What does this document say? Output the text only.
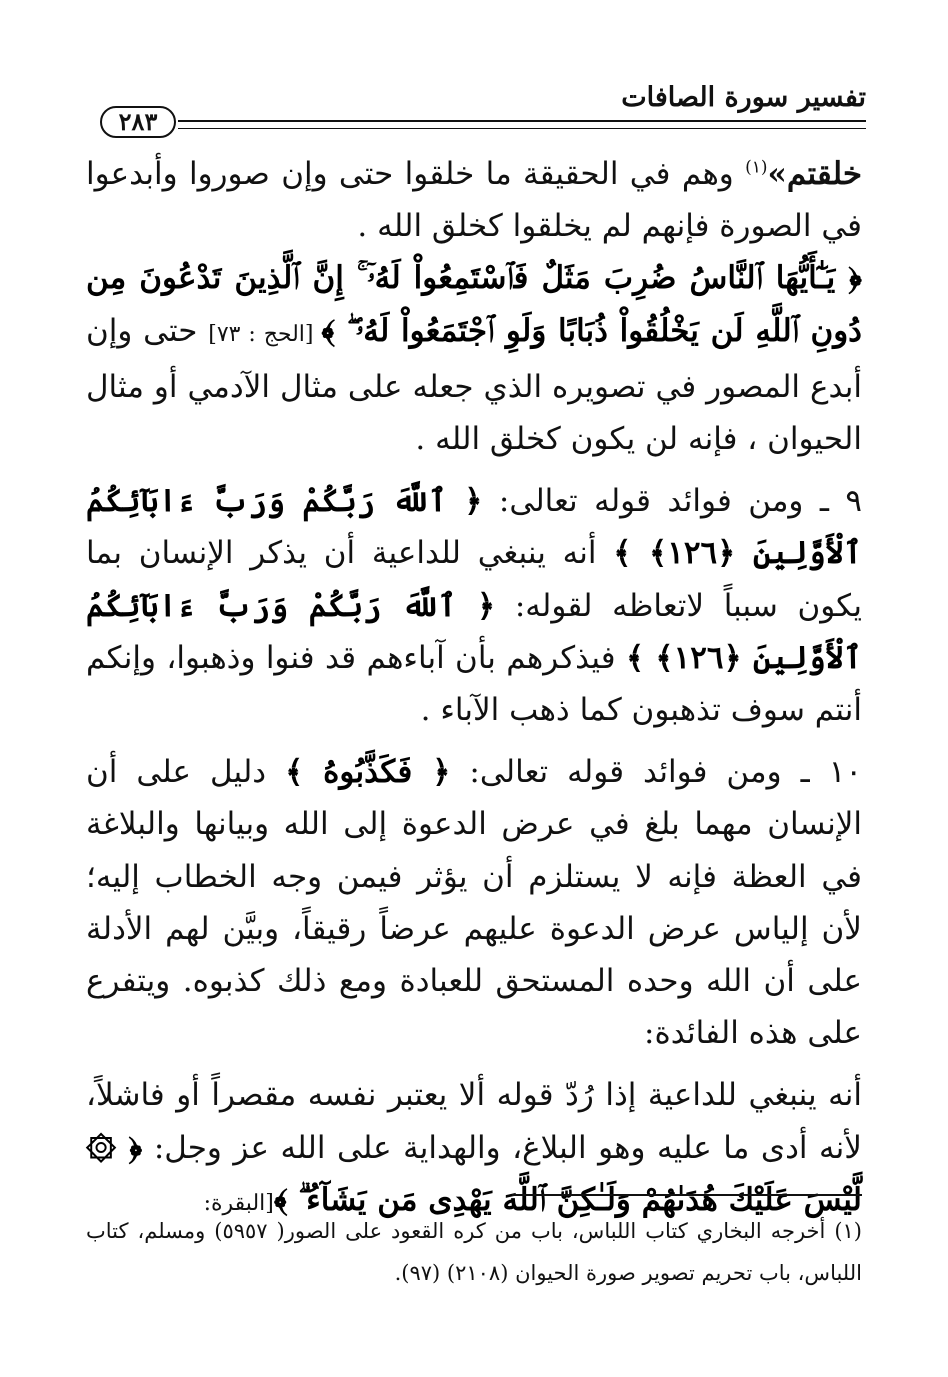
تفسير سورة الصافات
٢٨٣

خلقتم»$^{(١)}$ وهم في الحقيقة ما خلقوا حتى وإن صوروا وأبدعوا في الصورة فإنهم لم يخلقوا كخلق الله .

﴿ يَـٰٓأَيُّهَا ٱلنَّاسُ ضُرِبَ مَثَلٌ فَٱسْتَمِعُواْ لَهُۥٓ ۚ إِنَّ ٱلَّذِينَ تَدْعُونَ مِن دُونِ ٱللَّهِ لَن يَخْلُقُواْ ذُبَابًا وَلَوِ ٱجْتَمَعُواْ لَهُۥ ۖ ﴾ [الحج : ٧٣] حتى وإن أبدع المصور في تصويره الذي جعله على مثال الآدمي أو مثال الحيوان ، فإنه لن يكون كخلق الله .

٩ ـ ومن فوائد قوله تعالى: ﴿ ٱللَّهَ رَبَّكُمْ وَرَبَّ ءَابَآئِكُمُ ٱلْأَوَّلِينَ ﴿١٢٦﴾ ﴾ أنه ينبغي للداعية أن يذكر الإنسان بما يكون سبباً لاتعاظه لقوله: ﴿ ٱللَّهَ رَبَّكُمْ وَرَبَّ ءَابَآئِكُمُ ٱلْأَوَّلِينَ ﴿١٢٦﴾ ﴾ فيذكرهم بأن آباءهم قد فنوا وذهبوا، وإنكم أنتم سوف تذهبون كما ذهب الآباء .

١٠ ـ ومن فوائد قوله تعالى: ﴿ فَكَذَّبُوهُ ﴾ دليل على أن الإنسان مهما بلغ في عرض الدعوة إلى الله وبيانها والبلاغة في العظة فإنه لا يستلزم أن يؤثر فيمن وجه الخطاب إليه؛ لأن إلياس عرض الدعوة عليهم عرضاً رقيقاً، وبيَّن لهم الأدلة على أن الله وحده المستحق للعبادة ومع ذلك كذبوه. ويتفرع على هذه الفائدة:

أنه ينبغي للداعية إذا رُدّ قوله ألا يعتبر نفسه مقصراً أو فاشلاً، لأنه أدى ما عليه وهو البلاغ، والهداية على الله عز وجل: ﴿ ۞ لَّيْسَ عَلَيْكَ هُدَىٰهُمْ وَلَـٰكِنَّ ٱللَّهَ يَهْدِى مَن يَشَآءُ ۗ ﴾[البقرة:

(١) أخرجه البخاري كتاب اللباس، باب من كره القعود على الصور( ٥٩٥٧) ومسلم، كتاب اللباس، باب تحريم تصوير صورة الحيوان (٢١٠٨) (٩٧).
